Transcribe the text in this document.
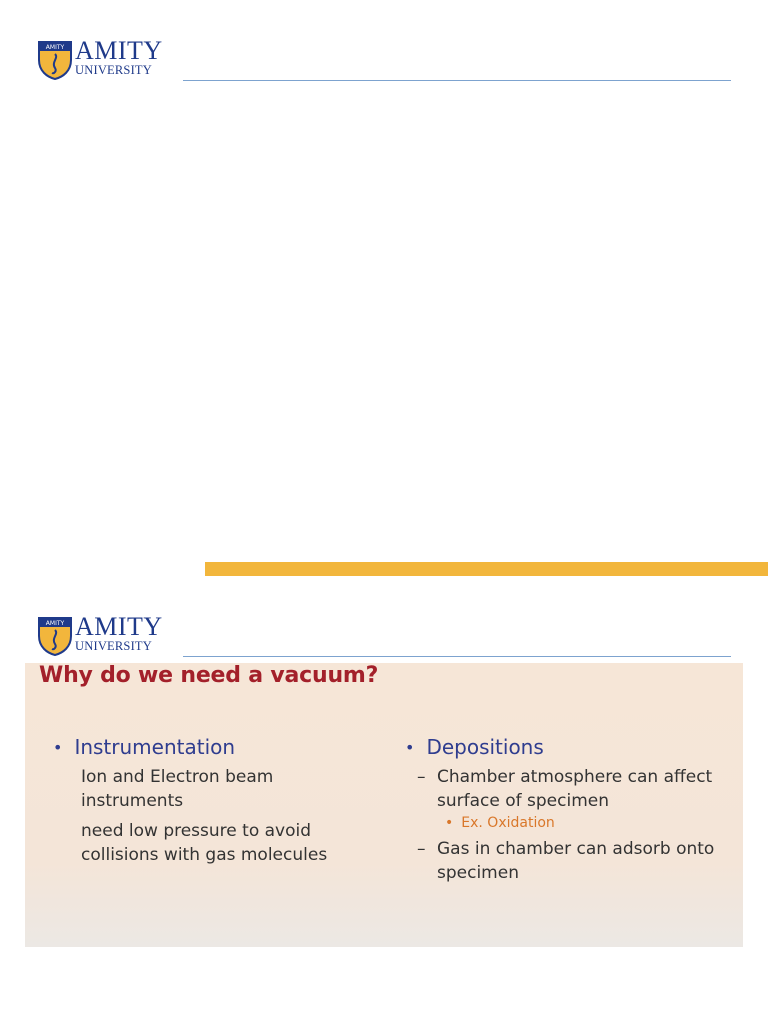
AMITY AMITY
UNIVERSITY
AMITY AMITY
UNIVERSITY
Why do we need a vacuum?
• Instrumentation
Ion and Electron beam
instruments
need low pressure to avoid
collisions with gas molecules
• Depositions
– Chamber atmosphere can affect
surface of specimen
• Ex. Oxidation
– Gas in chamber can adsorb onto
specimen
